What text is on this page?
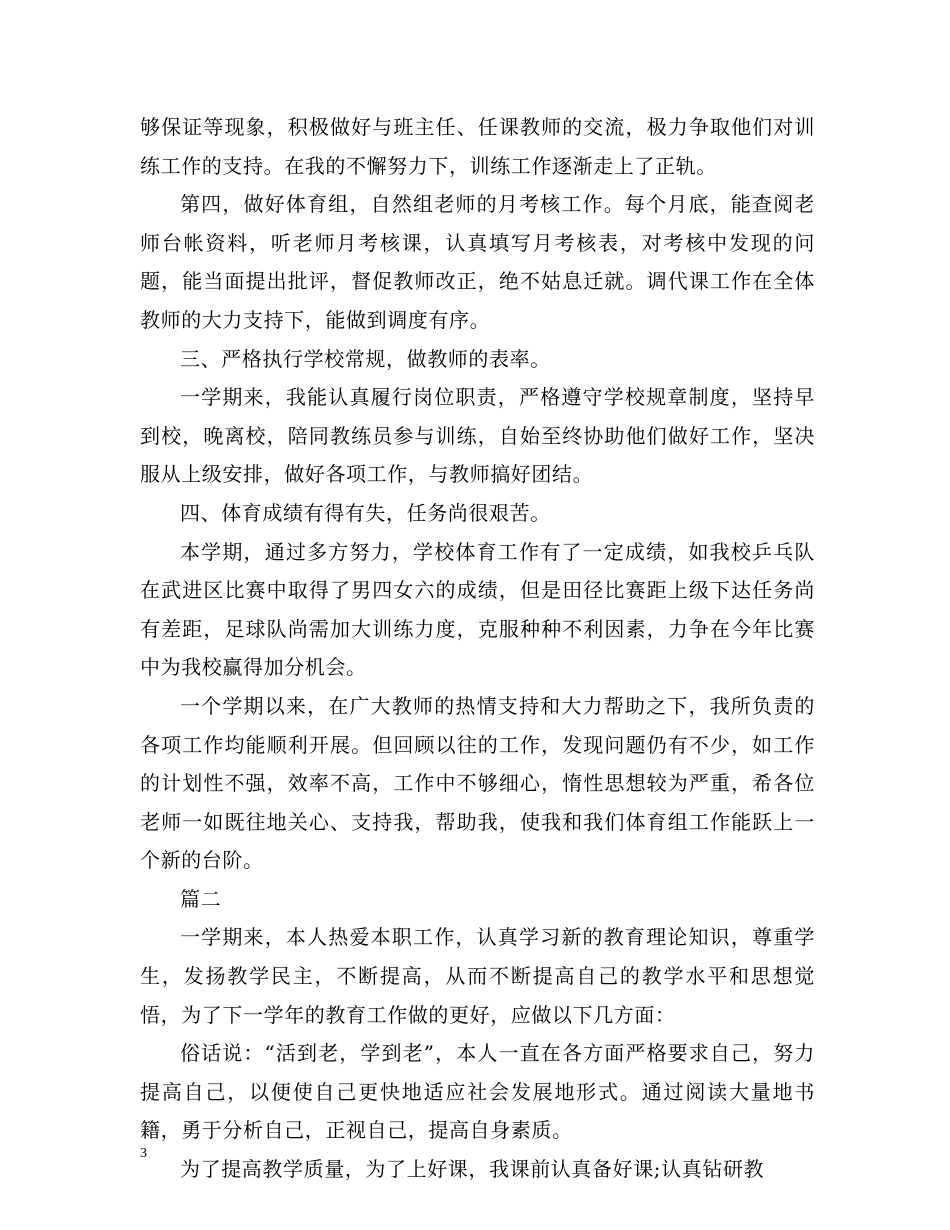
够保证等现象，积极做好与班主任、任课教师的交流，极力争取他们对训练工作的支持。在我的不懈努力下，训练工作逐渐走上了正轨。

第四，做好体育组，自然组老师的月考核工作。每个月底，能查阅老师台帐资料，听老师月考核课，认真填写月考核表，对考核中发现的问题，能当面提出批评，督促教师改正，绝不姑息迁就。调代课工作在全体教师的大力支持下，能做到调度有序。

三、严格执行学校常规，做教师的表率。

一学期来，我能认真履行岗位职责，严格遵守学校规章制度，坚持早到校，晚离校，陪同教练员参与训练，自始至终协助他们做好工作，坚决服从上级安排，做好各项工作，与教师搞好团结。

四、体育成绩有得有失，任务尚很艰苦。

本学期，通过多方努力，学校体育工作有了一定成绩，如我校乒乓队在武进区比赛中取得了男四女六的成绩，但是田径比赛距上级下达任务尚有差距，足球队尚需加大训练力度，克服种种不利因素，力争在今年比赛中为我校赢得加分机会。

一个学期以来，在广大教师的热情支持和大力帮助之下，我所负责的各项工作均能顺利开展。但回顾以往的工作，发现问题仍有不少，如工作的计划性不强，效率不高，工作中不够细心，惰性思想较为严重，希各位老师一如既往地关心、支持我，帮助我，使我和我们体育组工作能跃上一个新的台阶。

篇二

一学期来，本人热爱本职工作，认真学习新的教育理论知识，尊重学生，发扬教学民主，不断提高，从而不断提高自己的教学水平和思想觉悟，为了下一学年的教育工作做的更好，应做以下几方面：

俗话说：“活到老，学到老”，本人一直在各方面严格要求自己，努力提高自己，以便使自己更快地适应社会发展地形式。通过阅读大量地书籍，勇于分析自己，正视自己，提高自身素质。

为了提高教学质量，为了上好课，我课前认真备好课;认真钻研教

3
